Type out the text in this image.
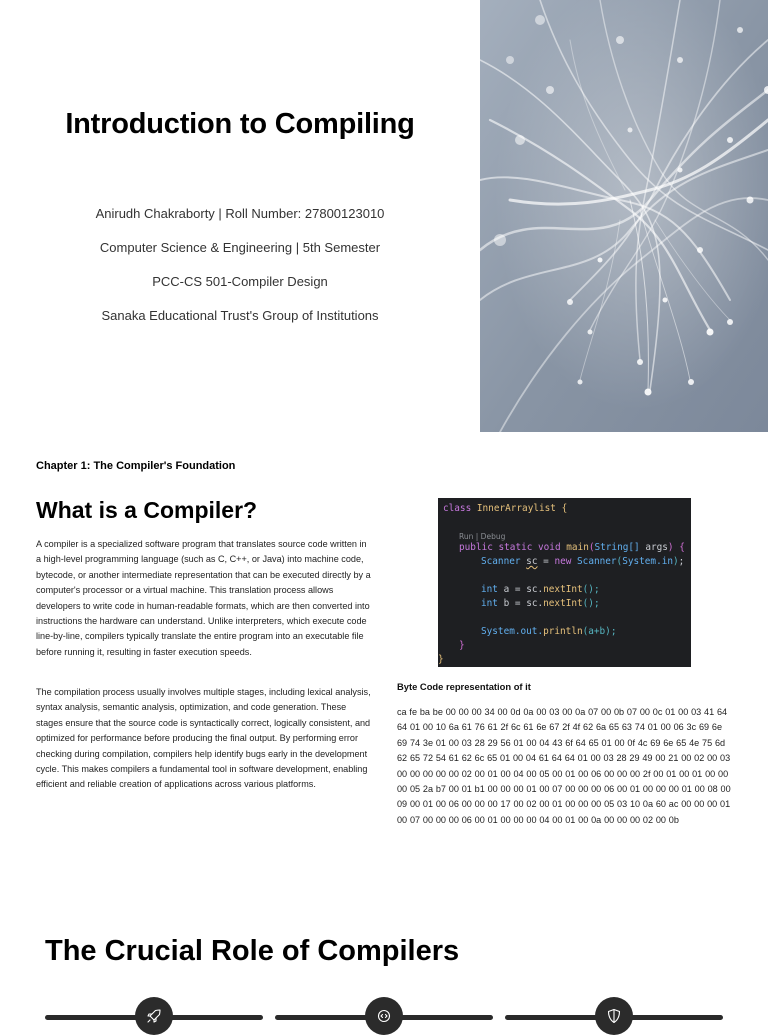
Introduction to Compiling
Anirudh Chakraborty | Roll Number: 27800123010
Computer Science & Engineering | 5th Semester
PCC-CS 501-Compiler Design
Sanaka Educational Trust's Group of Institutions
Chapter 1: The Compiler's Foundation
What is a Compiler?

A compiler is a specialized software program that translates source code written in a high-level programming language (such as C, C++, or Java) into machine code, bytecode, or another intermediate representation that can be executed directly by a computer's processor or a virtual machine. This translation process allows developers to write code in human-readable formats, which are then converted into instructions the hardware can understand. Unlike interpreters, which execute code line-by-line, compilers typically translate the entire program into an executable file before running it, resulting in faster execution speeds.

The compilation process usually involves multiple stages, including lexical analysis, syntax analysis, semantic analysis, optimization, and code generation. These stages ensure that the source code is syntactically correct, logically consistent, and optimized for performance before producing the final output. By performing error checking during compilation, compilers help identify bugs early in the development cycle. This makes compilers a fundamental tool in software development, enabling efficient and reliable creation of applications across various platforms.

class InnerArraylist {
Run | Debug
public static void main(String[] args) {
Scanner sc = new Scanner(System.in);
int a = sc.nextInt();
int b = sc.nextInt();
System.out.println(a+b);
}
}
Byte Code representation of it

ca fe ba be 00 00 00 34 00 0d 0a 00 03 00 0a 07 00 0b 07 00 0c 01 00 03 41 64 64 01 00 10 6a 61 76 61 2f 6c 61 6e 67 2f 4f 62 6a 65 63 74 01 00 06 3c 69 6e 69 74 3e 01 00 03 28 29 56 01 00 04 43 6f 64 65 01 00 0f 4c 69 6e 65 4e 75 6d 62 65 72 54 61 62 6c 65 01 00 04 61 64 64 01 00 03 28 29 49 00 21 00 02 00 03 00 00 00 00 00 02 00 01 00 04 00 05 00 01 00 06 00 00 00 2f 00 01 00 01 00 00 00 05 2a b7 00 01 b1 00 00 00 01 00 07 00 00 00 06 00 01 00 00 00 01 00 08 00 09 00 01 00 06 00 00 00 17 00 02 00 01 00 00 00 05 03 10 0a 60 ac 00 00 00 01 00 07 00 00 00 06 00 01 00 00 00 04 00 01 00 0a 00 00 00 02 00 0b

The Crucial Role of Compilers
